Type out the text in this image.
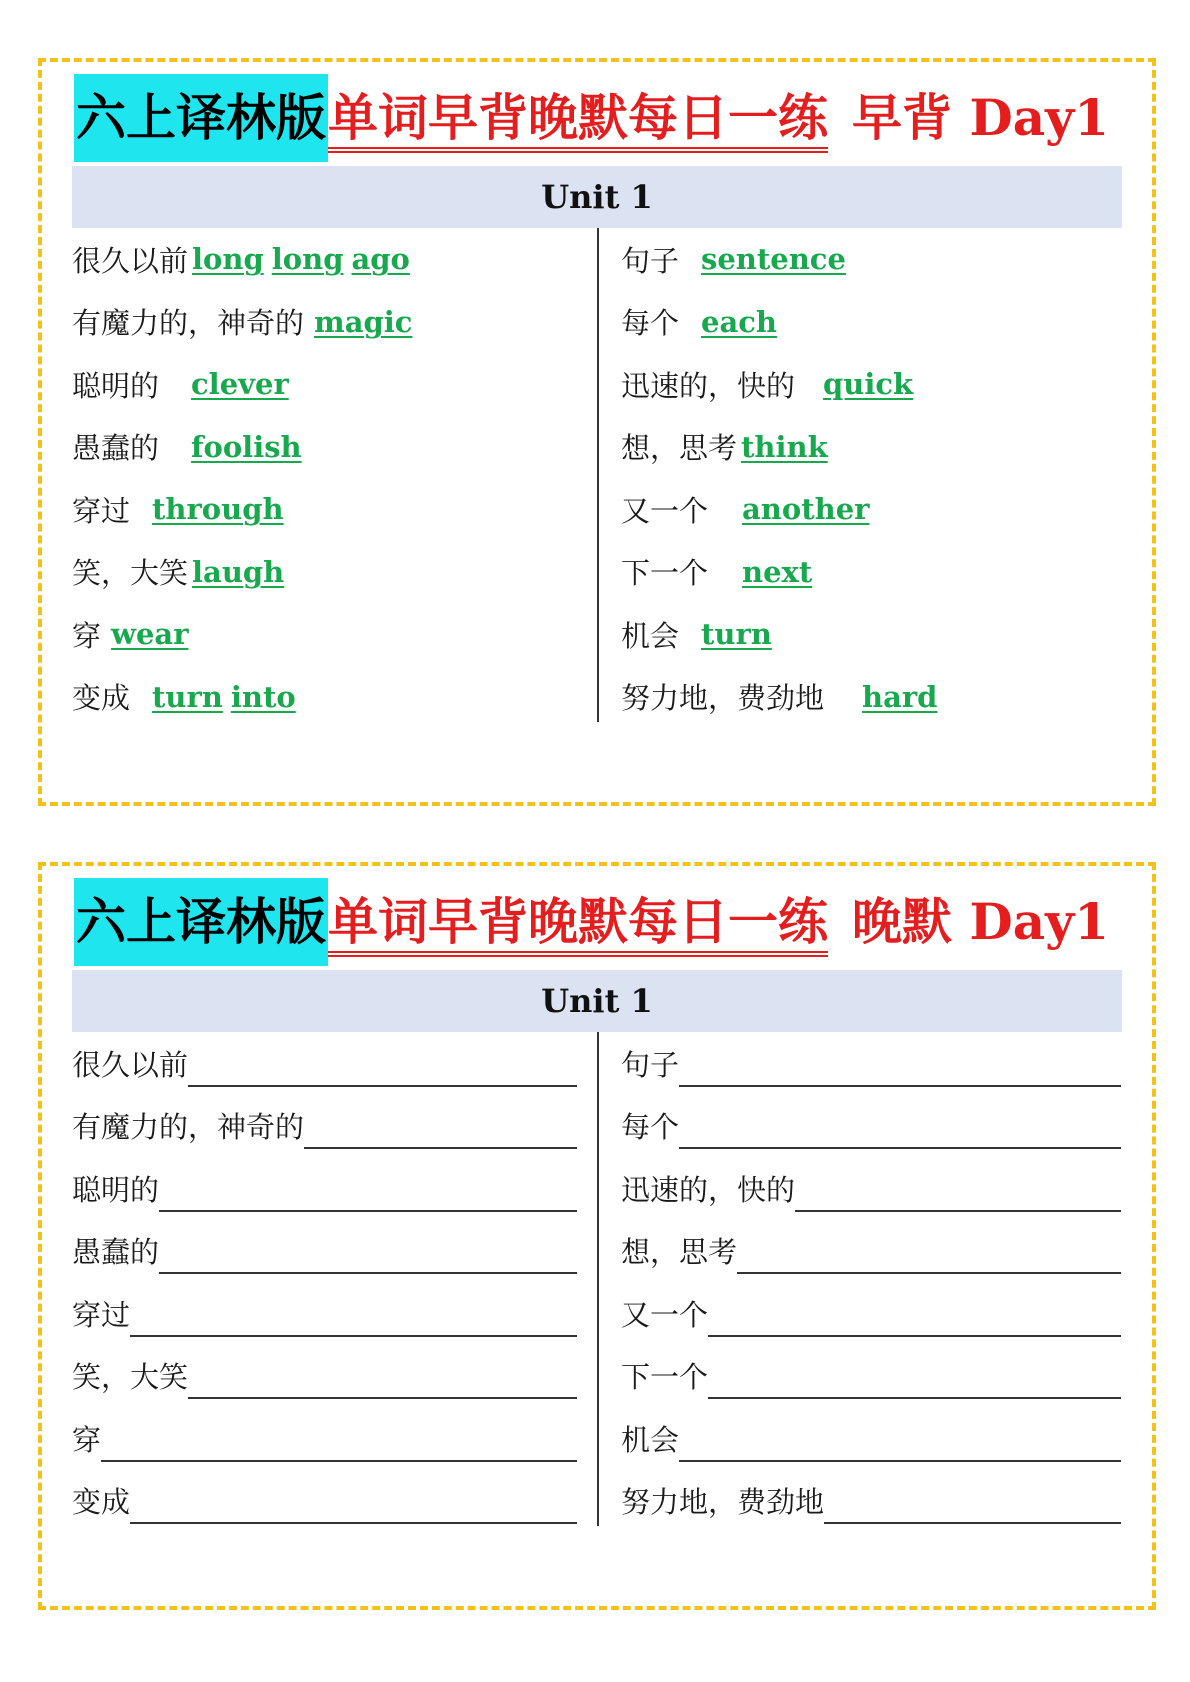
六上译林版 单词早背晚默每日一练 早背 Day1
Unit 1
很久以前 long long ago
有魔力的，神奇的 magic
聪明的 clever
愚蠢的 foolish
穿过 through
笑，大笑 laugh
穿 wear
变成 turn into
句子 sentence
每个 each
迅速的，快的 quick
想，思考 think
又一个 another
下一个 next
机会 turn
努力地，费劲地 hard
六上译林版 单词早背晚默每日一练 晚默 Day1
Unit 1
很久以前
有魔力的，神奇的
聪明的
愚蠢的
穿过
笑，大笑
穿
变成
句子
每个
迅速的，快的
想，思考
又一个
下一个
机会
努力地，费劲地
